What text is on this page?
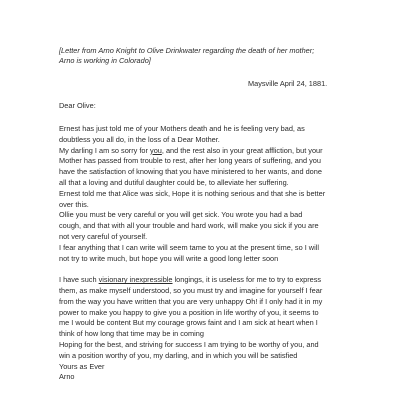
[Letter from Arno Knight to Olive Drinkwater regarding the death of her mother;
Arno is working in Colorado]
Maysville April 24, 1881.
Dear Olive:
Ernest has just told me of your Mothers death and he is feeling very bad, as
doubtless you all do, in the loss of a Dear Mother.
My darling I am so sorry for you, and the rest also in your great affliction, but your
Mother has passed from trouble to rest, after her long years of suffering, and you
have the satisfaction of knowing that you have ministered to her wants, and done
all that a loving and dutiful daughter could be, to alleviate her suffering.
Ernest told me that Alice was sick, Hope it is nothing serious and that she is better
over this.
Ollie you must be very careful or you will get sick. You wrote you had a bad
cough, and that with all your trouble and hard work, will make you sick if you are
not very careful of yourself.
I fear anything that I can write will seem tame to you at the present time, so I will
not try to write much, but hope you will write a good long letter soon
I have such visionary inexpressible longings, it is useless for me to try to express
them, as make myself understood, so you must try and imagine for yourself I fear
from the way you have written that you are very unhappy Oh! if I only had it in my
power to make you happy to give you a position in life worthy of you, it seems to
me I would be content But my courage grows faint and I am sick at heart when I
think of how long that time may be in coming
Hoping for the best, and striving for success I am trying to be worthy of you, and
win a position worthy of you, my darling, and in which you will be satisfied
Yours as Ever
Arno
